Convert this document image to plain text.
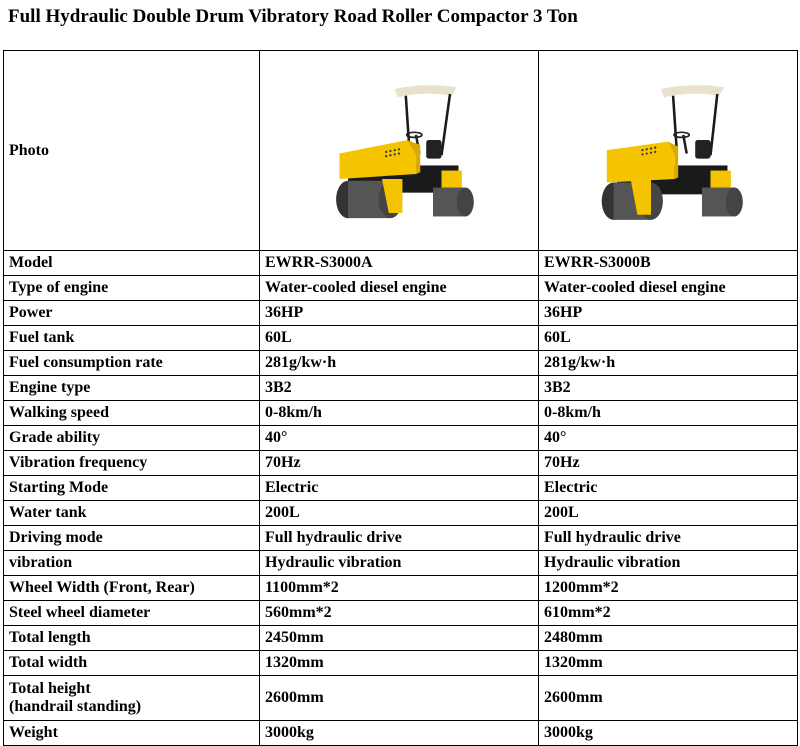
Full Hydraulic Double Drum Vibratory Road Roller Compactor 3 Ton
Photo	

Model	EWRR-S3000A	EWRR-S3000B
Type of engine	Water-cooled diesel engine	Water-cooled diesel engine
Power	36HP	36HP
Fuel tank	60L	60L
Fuel consumption rate	281g/kw·h	281g/kw·h
Engine type	3B2	3B2
Walking speed	0-8km/h	0-8km/h
Grade ability	40°	40°
Vibration frequency	70Hz	70Hz
Starting Mode	Electric	Electric
Water tank	200L	200L
Driving mode	Full hydraulic drive	Full hydraulic drive
vibration	Hydraulic vibration	Hydraulic vibration
Wheel Width (Front, Rear)	1100mm*2	1200mm*2
Steel wheel diameter	560mm*2	610mm*2
Total length	2450mm	2480mm
Total width	1320mm	1320mm
Total height
(handrail standing)	2600mm	2600mm
Weight	3000kg	3000kg
